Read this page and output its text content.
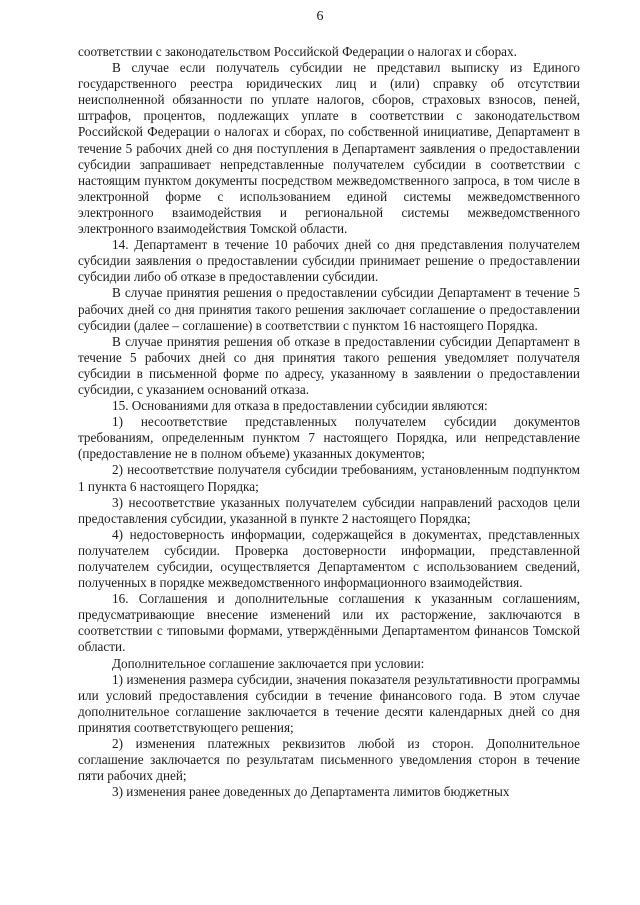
6

соответствии с законодательством Российской Федерации о налогах и сборах.

В случае если получатель субсидии не представил выписку из Единого государственного реестра юридических лиц и (или) справку об отсутствии неисполненной обязанности по уплате налогов, сборов, страховых взносов, пеней, штрафов, процентов, подлежащих уплате в соответствии с законодательством Российской Федерации о налогах и сборах, по собственной инициативе, Департамент в течение 5 рабочих дней со дня поступления в Департамент заявления о предоставлении субсидии запрашивает непредставленные получателем субсидии в соответствии с настоящим пунктом документы посредством межведомственного запроса, в том числе в электронной форме с использованием единой системы межведомственного электронного взаимодействия и региональной системы межведомственного электронного взаимодействия Томской области.

14. Департамент в течение 10 рабочих дней со дня представления получателем субсидии заявления о предоставлении субсидии принимает решение о предоставлении субсидии либо об отказе в предоставлении субсидии.

В случае принятия решения о предоставлении субсидии Департамент в течение 5 рабочих дней со дня принятия такого решения заключает соглашение о предоставлении субсидии (далее – соглашение) в соответствии с пунктом 16 настоящего Порядка.

В случае принятия решения об отказе в предоставлении субсидии Департамент в течение 5 рабочих дней со дня принятия такого решения уведомляет получателя субсидии в письменной форме по адресу, указанному в заявлении о предоставлении субсидии, с указанием оснований отказа.

15. Основаниями для отказа в предоставлении субсидии являются:

1) несоответствие представленных получателем субсидии документов требованиям, определенным пунктом 7 настоящего Порядка, или непредставление (предоставление не в полном объеме) указанных документов;

2) несоответствие получателя субсидии требованиям, установленным подпунктом 1 пункта 6 настоящего Порядка;

3) несоответствие указанных получателем субсидии направлений расходов цели предоставления субсидии, указанной в пункте 2 настоящего Порядка;

4) недостоверность информации, содержащейся в документах, представленных получателем субсидии. Проверка достоверности информации, представленной получателем субсидии, осуществляется Департаментом с использованием сведений, полученных в порядке межведомственного информационного взаимодействия.

16. Соглашения и дополнительные соглашения к указанным соглашениям, предусматривающие внесение изменений или их расторжение, заключаются в соответствии с типовыми формами, утверждёнными Департаментом финансов Томской области.

Дополнительное соглашение заключается при условии:

1) изменения размера субсидии, значения показателя результативности программы или условий предоставления субсидии в течение финансового года. В этом случае дополнительное соглашение заключается в течение десяти календарных дней со дня принятия соответствующего решения;

2) изменения платежных реквизитов любой из сторон. Дополнительное соглашение заключается по результатам письменного уведомления сторон в течение пяти рабочих дней;

3) изменения ранее доведенных до Департамента лимитов бюджетных
